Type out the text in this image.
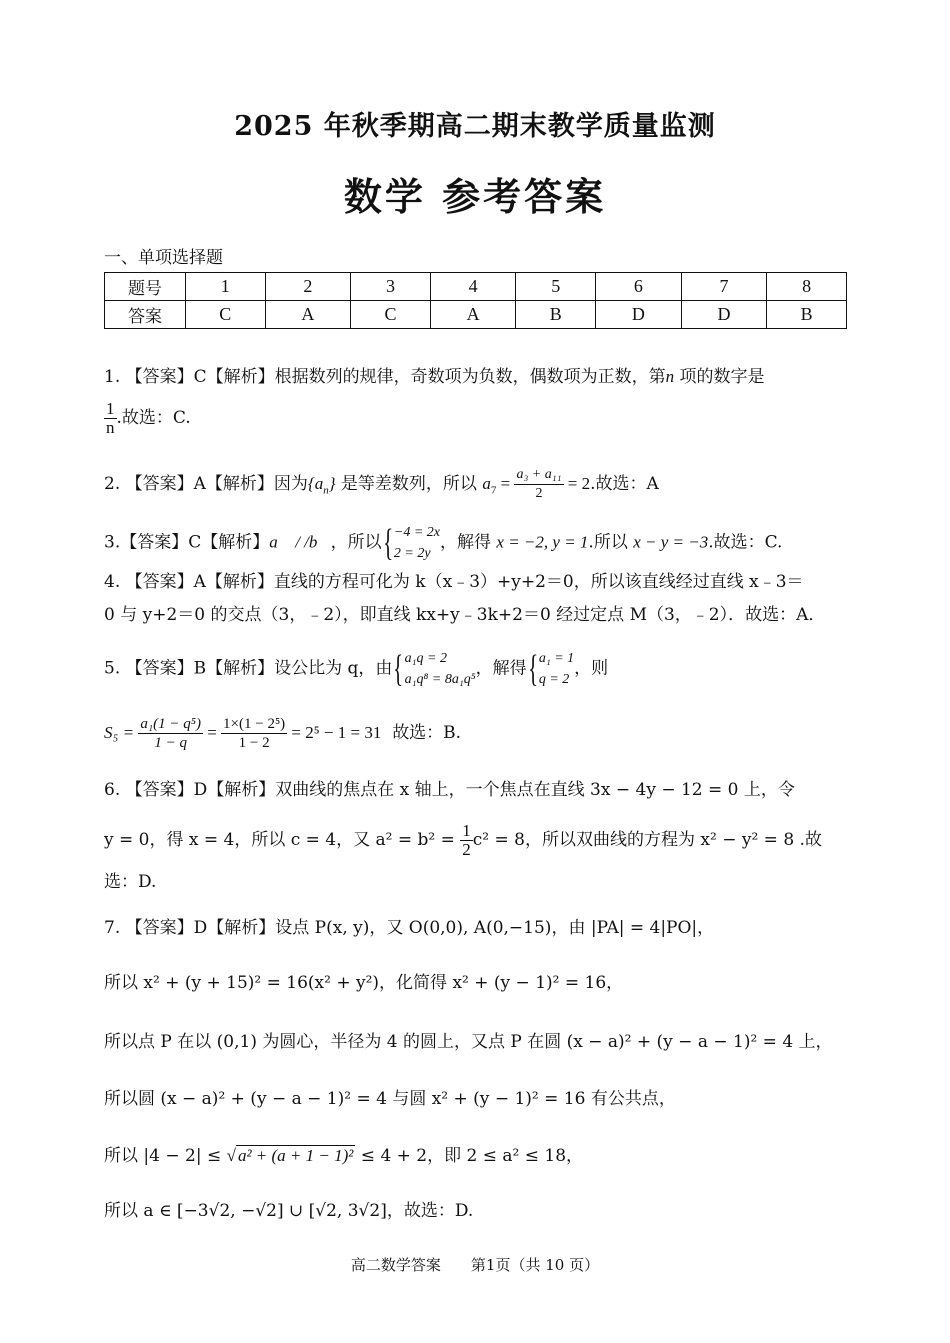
2025 年秋季期高二期末教学质量监测
数学 参考答案
一、单项选择题
题号	1	2	3	4	5	6	7	8
答案	C	A	C	A	B	D	D	B
1. 【答案】C【解析】根据数列的规律，奇数项为负数，偶数项为正数，第n 项的数字是
$\frac{1}{n}$ .故选：C.
2. 【答案】A【解析】因为$\{a_n\}$ 是等差数列，所以 $a_7 = \frac{\text{a₃ + a₁₁}}{2} = 2$.故选：A
3.【答案】C【解析】a⃗ / /b⃗，所以{ −4 = 2x
2 = 2y
，解得 x = −2, y = 1.所以 x − y = −3.故选：C.
4. 【答案】A【解析】直线的方程可化为 k（x﹣3）+y+2＝0，所以该直线经过直线 x﹣3＝
0 与 y+2＝0 的交点（3，﹣2），即直线 kx+y﹣3k+2＝0 经过定点 M（3，﹣2）．故选：A．
5. 【答案】B【解析】设公比为 q，由{ a₁q = 2
a₁q⁸ = 8a₁q⁵
，解得{ a₁ = 1
q = 2
，则
$S_5 = \frac{\text{a₁(1 − q⁵)}}{1 - q} = \frac{\text{1×(1 − 2⁵)}}{1 - 2} = 2^5 - 1 = 31$ 故选：B.
6. 【答案】D【解析】双曲线的焦点在 x 轴上，一个焦点在直线 3x − 4y − 12 = 0 上，令
y = 0，得 x = 4，所以 c = 4，又 $a^2 = b^2 = \frac{1}{2} c^2 = 8$，所以双曲线的方程为 x² − y² = 8 .故
选：D.
7. 【答案】D【解析】设点 P(x, y)，又 O(0,0), A(0,−15)，由 |PA| = 4|PO|，
所以 x² + (y + 15)² = 16(x² + y²)，化简得 x² + (y − 1)² = 16，
所以点 P 在以 (0,1) 为圆心，半径为 4 的圆上，又点 P 在圆 (x − a)² + (y − a − 1)² = 4 上，
所以圆 (x − a)² + (y − a − 1)² = 4 与圆 x² + (y − 1)² = 16 有公共点，
所以 |4 − 2| ≤ √ a² + (a + 1 − 1)² ≤ 4 + 2，即 2 ≤ a² ≤ 18，
所以 a ∈ [−3√2, −√2] ∪ [√2, 3√2]，故选：D.
高二数学答案　　第1页（共 10 页）
